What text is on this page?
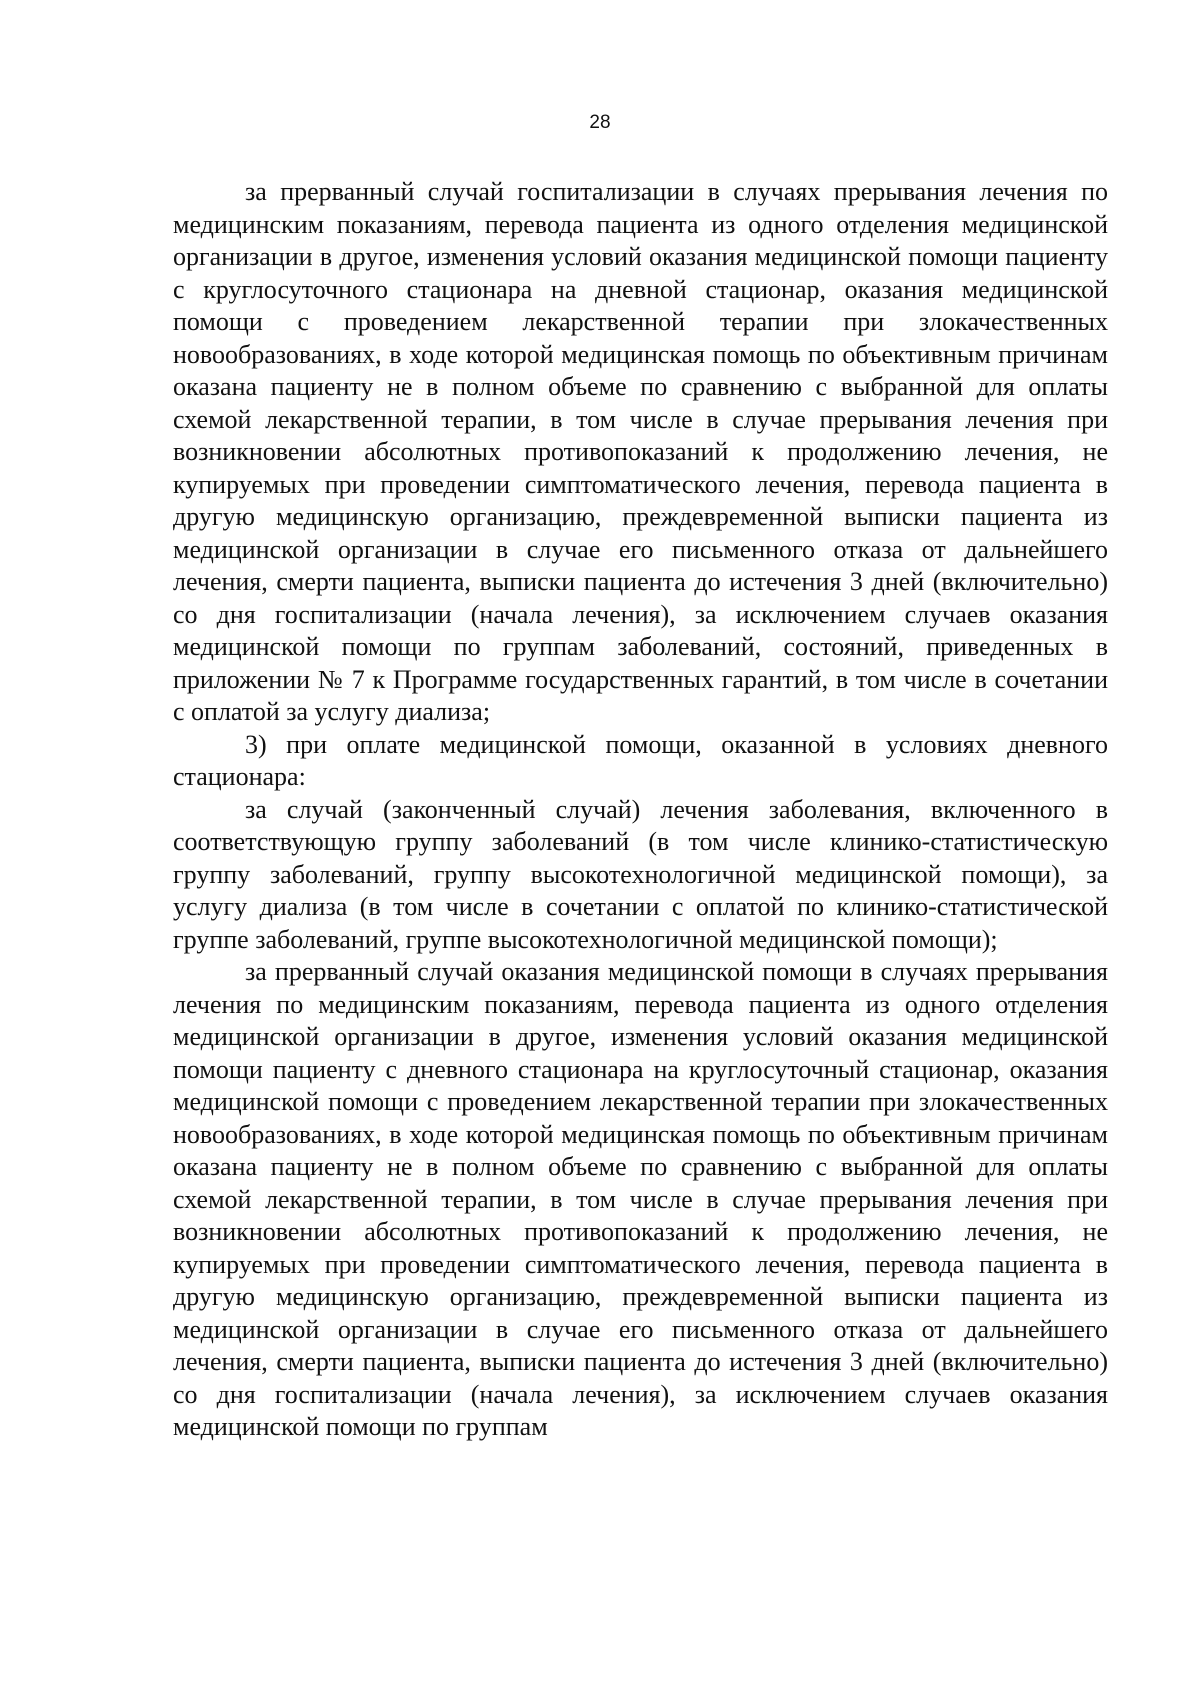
28

за прерванный случай госпитализации в случаях прерывания лечения по медицинским показаниям, перевода пациента из одного отделения медицинской организации в другое, изменения условий оказания медицинской помощи пациенту с круглосуточного стационара на дневной стационар, оказания медицинской помощи с проведением лекарственной терапии при злокачественных новообразованиях, в ходе которой медицинская помощь по объективным причинам оказана пациенту не в полном объеме по сравнению с выбранной для оплаты схемой лекарственной терапии, в том числе в случае прерывания лечения при возникновении абсолютных противопоказаний к продолжению лечения, не купируемых при проведении симптоматического лечения, перевода пациента в другую медицинскую организацию, преждевременной выписки пациента из медицинской организации в случае его письменного отказа от дальнейшего лечения, смерти пациента, выписки пациента до истечения 3 дней (включительно) со дня госпитализации (начала лечения), за исключением случаев оказания медицинской помощи по группам заболеваний, состояний, приведенных в приложении № 7 к Программе государственных гарантий, в том числе в сочетании с оплатой за услугу диализа;

3) при оплате медицинской помощи, оказанной в условиях дневного стационара:

за случай (законченный случай) лечения заболевания, включенного в соответствующую группу заболеваний (в том числе клинико-статистическую группу заболеваний, группу высокотехнологичной медицинской помощи), за услугу диализа (в том числе в сочетании с оплатой по клинико-статистической группе заболеваний, группе высокотехнологичной медицинской помощи);

за прерванный случай оказания медицинской помощи в случаях прерывания лечения по медицинским показаниям, перевода пациента из одного отделения медицинской организации в другое, изменения условий оказания медицинской помощи пациенту с дневного стационара на круглосуточный стационар, оказания медицинской помощи с проведением лекарственной терапии при злокачественных новообразованиях, в ходе которой медицинская помощь по объективным причинам оказана пациенту не в полном объеме по сравнению с выбранной для оплаты схемой лекарственной терапии, в том числе в случае прерывания лечения при возникновении абсолютных противопоказаний к продолжению лечения, не купируемых при проведении симптоматического лечения, перевода пациента в другую медицинскую организацию, преждевременной выписки пациента из медицинской организации в случае его письменного отказа от дальнейшего лечения, смерти пациента, выписки пациента до истечения 3 дней (включительно) со дня госпитализации (начала лечения), за исключением случаев оказания медицинской помощи по группам
